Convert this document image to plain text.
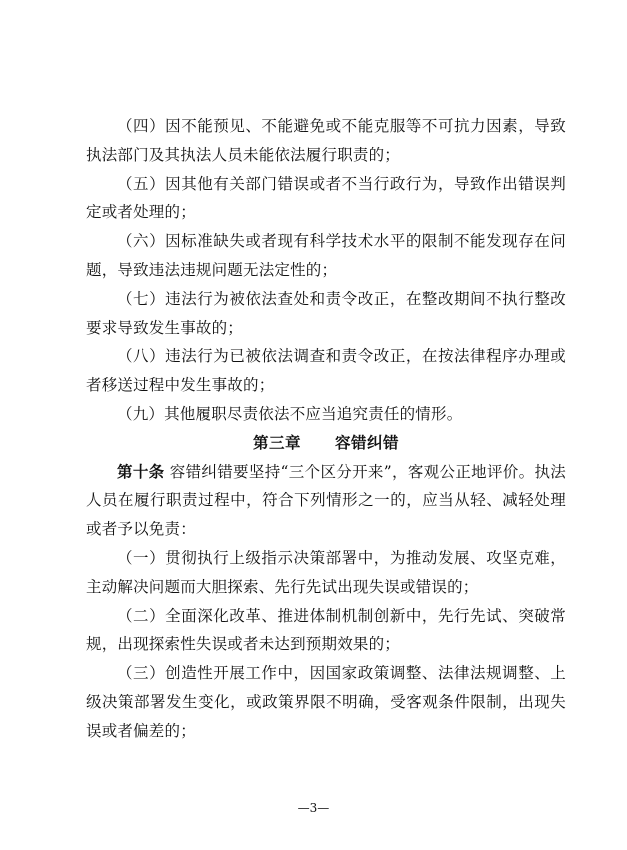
（四）因不能预见、不能避免或不能克服等不可抗力因素，导致执法部门及其执法人员未能依法履行职责的；

（五）因其他有关部门错误或者不当行政行为，导致作出错误判定或者处理的；

（六）因标准缺失或者现有科学技术水平的限制不能发现存在问题，导致违法违规问题无法定性的；

（七）违法行为被依法查处和责令改正，在整改期间不执行整改要求导致发生事故的；

（八）违法行为已被依法调查和责令改正，在按法律程序办理或者移送过程中发生事故的；

（九）其他履职尽责依法不应当追究责任的情形。

第三章 容错纠错

第十条 容错纠错要坚持“三个区分开来”，客观公正地评价。执法人员在履行职责过程中，符合下列情形之一的，应当从轻、减轻处理或者予以免责：

（一）贯彻执行上级指示决策部署中，为推动发展、攻坚克难，主动解决问题而大胆探索、先行先试出现失误或错误的；

（二）全面深化改革、推进体制机制创新中，先行先试、突破常规，出现探索性失误或者未达到预期效果的；

（三）创造性开展工作中，因国家政策调整、法律法规调整、上级决策部署发生变化，或政策界限不明确，受客观条件限制，出现失误或者偏差的；

—3—
